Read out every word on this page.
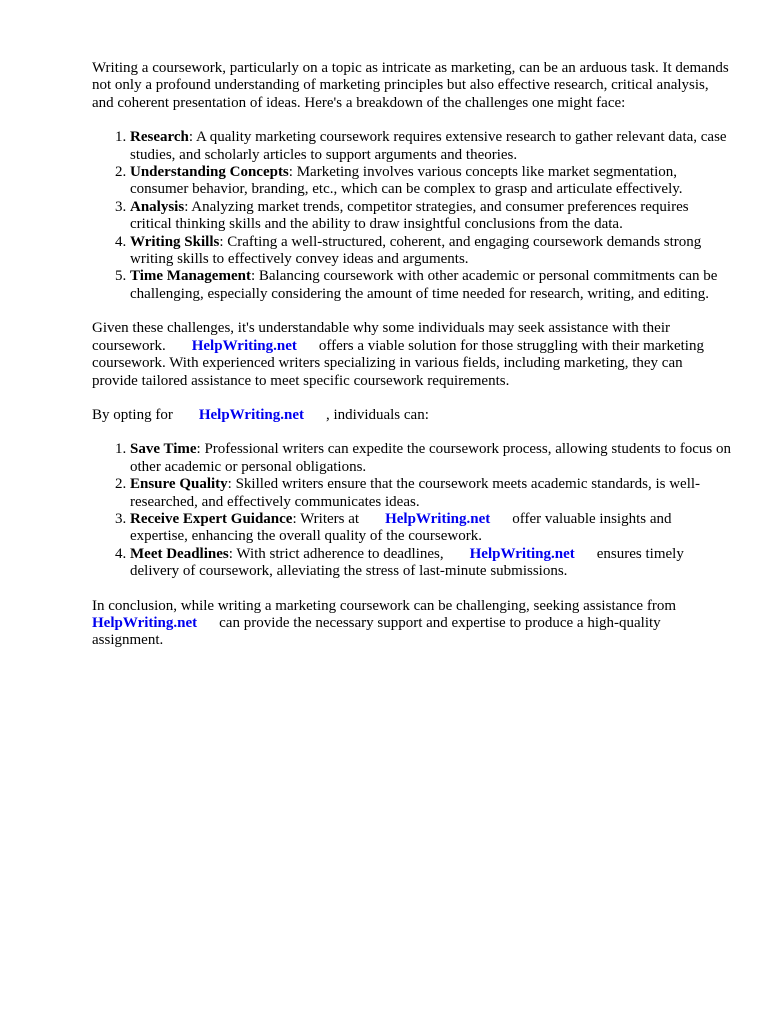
Writing a coursework, particularly on a topic as intricate as marketing, can be an arduous task. It demands not only a profound understanding of marketing principles but also effective research, critical analysis, and coherent presentation of ideas. Here's a breakdown of the challenges one might face:

1. Research: A quality marketing coursework requires extensive research to gather relevant data, case studies, and scholarly articles to support arguments and theories.
2. Understanding Concepts: Marketing involves various concepts like market segmentation, consumer behavior, branding, etc., which can be complex to grasp and articulate effectively.
3. Analysis: Analyzing market trends, competitor strategies, and consumer preferences requires critical thinking skills and the ability to draw insightful conclusions from the data.
4. Writing Skills: Crafting a well-structured, coherent, and engaging coursework demands strong writing skills to effectively convey ideas and arguments.
5. Time Management: Balancing coursework with other academic or personal commitments can be challenging, especially considering the amount of time needed for research, writing, and editing.

Given these challenges, it's understandable why some individuals may seek assistance with their coursework. HelpWriting.net offers a viable solution for those struggling with their marketing coursework. With experienced writers specializing in various fields, including marketing, they can provide tailored assistance to meet specific coursework requirements.

By opting for HelpWriting.net , individuals can:

1. Save Time: Professional writers can expedite the coursework process, allowing students to focus on other academic or personal obligations.
2. Ensure Quality: Skilled writers ensure that the coursework meets academic standards, is well-researched, and effectively communicates ideas.
3. Receive Expert Guidance: Writers at HelpWriting.net offer valuable insights and expertise, enhancing the overall quality of the coursework.
4. Meet Deadlines: With strict adherence to deadlines, HelpWriting.net ensures timely delivery of coursework, alleviating the stress of last-minute submissions.

In conclusion, while writing a marketing coursework can be challenging, seeking assistance from HelpWriting.net can provide the necessary support and expertise to produce a high-quality assignment.
